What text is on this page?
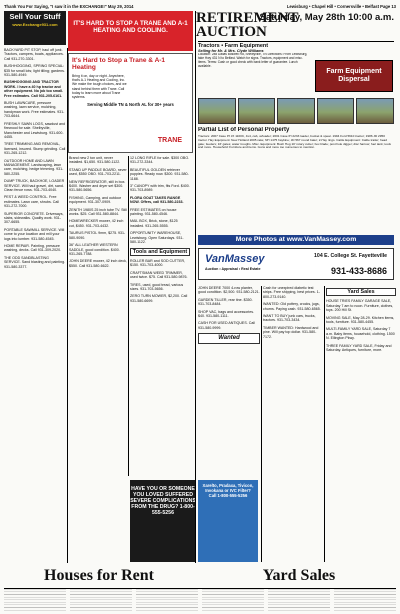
Thank You For Saying, "I saw it in the EXCHANGE!" May 29, 2014	Lewisburg • Chapel Hill • Cornersville • Belfast Page 13
Sell Your Stuff
www.Exchange931.com

BACKYARD PIT STOP, haul off junk. Tractors, campers, boats, appliances. Call 931-270-3301.

BUSHHOGGING, SPRING SPECIAL: $35 for small lots; light tilling; gardens. 931-580-4949.

BUSHHOGGING AND TRACTOR WORK. I have a 40 hp tractor and other equipment. No job too small. Free estimates. Call 931-205-6161.

BUSH LAWNCARE, pressure washing, lawn service, mulching, handyman work. Free estimates. 931-703-6644.

FRESHLY SAWN LOGS, sawdust and firewood for sale. Shelbyville, Manchester and Lewisburg. 931-600-4455.

TREE TRIMMING AND REMOVAL, licensed, insured. Stump grinding. Call 931-265-1212.

OUTDOOR HOME AND LAWN MANAGEMENT. Landscaping, lawn care, mulching, hedge trimming. 931-580-2255.

DUMP TRUCK, BACKHOE, LOADER SERVICE. Will haul gravel, dirt, sand. Clean fence rows. 931-703-4040.

PEST & WEED CONTROL. Free estimates. Lawn care, shrubs. Call 931-272-7000.

SUPERIOR CONCRETE. Driveways, slabs, sidewalks. Quality work. 931-307-6655.

PORTABLE SAWMILL SERVICE. Will come to your location and mill your logs into lumber. 931-580-4545.

HOME REPAIR. Painting, pressure washing, decks. Call 931-309-2020.

THE ODD SANDBLASTING SERVICE. Sand blasting and painting. 931-580-3377.

IT'S HARD TO STOP A TRANE AND A-1 HEATING AND COOLING.
It's Hard to Stop a Trane & A-1 Heating
Bring it on, day or night. Anywhere, that's A-1 Heating and Cooling, Inc. We make the tough choices, and we stand behind them with Trane. Call today to learn more about Trane systems.
Serving Middle TN & North AL for 30+ years
TRANE

Brand new 2 ton unit, never installed. $1,650. 931-580-1122.

STAND UP PADDLE BOARD, never used, $550 OBO. 931-703-2211.

NEW REFRIGERATOR, still in box. $400. Washer and dryer set $300. 931-580-5656.

FISHING, Camping, and outdoor equipment. 931-307-0909.

ZENITH 1980S 25 inch tube TV. Still works. $25. Call 931-580-8844.

HOMEWRECKER mower, 42 inch cut, $450. 931-703-4432.

TAURUS PISTOL 9mm, $275. 931-580-9090.

36" ALL LEATHER WESTERN SADDLE, good condition. $400. 931-265-7788.

JOHN DEERE mower, 42 inch deck, $550. Call 931-580-6622.

12 LONG RIFLE for sale. $300 OBO. 931-272-3344.

BEAUTIFUL GOLDEN retriever puppies. Ready now. $300. 931-580-1188.

3" CANOPY with trim, fits Ford. $400. 931-703-8989.

FLORA GOAT TAKES RANGE NOW. Offers, call 931-580-2233.

FREE ESTIMATES on house painting. 931-580-4546.

MAIL BOX, Brick, stone, $125 installed. 931-265-5555.

OPPORTUNITY WAREHOUSE, Lewisburg. Open Saturdays. 931-580-1122.

Tools and Equipment

ROLLER BAR and SOD CUTTER, $150. 931-703-4000.

CRAFTSMAN WEED TRIMMER, used twice. $75. Call 931-580-9876.

TIRES, used, good tread, various sizes. 931-703-5656.

ZERO TURN MOWER, $2,200. Call 931-580-6699.

HAVE YOU OR SOMEONE YOU LOVED SUFFERED SEVERE COMPLICATIONS FROM THE DRUG? 1-800-555-5256
RETIREMENT AUCTION
Saturday, May 28th 10:00 a.m.
Tractors • Farm Equipment
Selling for Mr. & Mrs. Clyde Williams
Location: 285 Dallas Boswell Rd, Shelbyville, TN Directions: From Lewisburg, take Hwy 431 N to Belfast. Watch for signs. Tractors, equipment and misc. items. Terms: Cash or good check with bank letter of guarantee. Lunch available.
Farm Equipment Dispersal
Partial List of Personal Property
Tractors: 2007 Case IH JX 1100C, 4x4, cab, w/loader; 2001 Case IH 2233 loader, bucket & spear. 1994 Ford 5610 tractor; 1986 JD 2950 tractor. Hay Equipment: New Holland 2005 rake; NH 1475 haybine; JD 567 round baler; 2-Hay rings. Cattle Equipment: Cattle trailer; head gate; feeders; 16' gates; water troughs. Misc. Equipment: Bush Hog 10' rotary cutter; box blade; post hole digger; disc harrow; fuel tank; tools and more. Household: Furniture and items. Guns and more too numerous to mention.
More Photos at www.VanMassey.com
VanMassey
Auction • Appraisal • Real Estate
104 E. College St. Fayetteville
931-433-8686

JOHN DEERE 7000 4-row planter, good condition. $2,500. 931-580-2121.

GARDEN TILLER, rear tine. $350. 931-703-8484.

SHOP VAC, bags and accessories. $40. 931-580-1111.

CASH FOR USED ANTIQUES. Call 931-580-9999.

Wanted

Cash for unexpired diabetic test strips. Free shipping, best prices. 1-800-273-9140.

WANTED: Old pottery, crocks, jugs, churns. Paying cash. 931-580-6565.

WANT TO BUY junk cars, trucks, tractors. 931-703-3434.

TIMBER WANTED: Hardwood and pine. Will pay top dollar. 931-580-7172.

Yard Sales

HOUSE TRIES FAMILY GARAGE SALE, Saturday 7 am to noon. Furniture, clothes, toys. 200 Hill St.

MOVING SALE, May 28-29. Kitchen items, tools, furniture. 931-580-4455.

MULTI-FAMILY YARD SALE, Saturday 7 a.m. Baby items, household, clothing. 1500 N. Ellington Pkwy.

THREE FAMILY YARD SALE, Friday and Saturday. Antiques, furniture, more.

Xarelto, Pradaxa, Tivicon, Invokana or IVC Filter? Call 1-800-555-5256
Houses for Rent	Yard Sales
